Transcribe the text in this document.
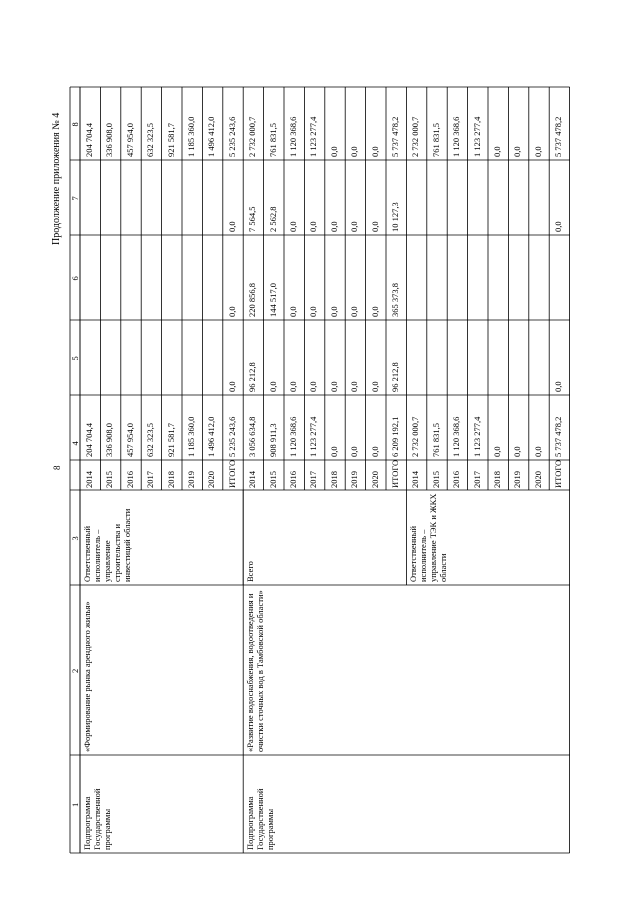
8
Продолжение приложения № 4
1
2
3
4
5
6
7
8
Подпрограмма Государственной программы
«Формирование рынка арендного жилья»
Ответственный исполнитель – управление строительства и инвестиций области
2014
204 704,4
204 704,4
2015
336 908,0
336 908,0
2016
457 954,0
457 954,0
2017
632 323,5
632 323,5
2018
921 581,7
921 581,7
2019
1 185 360,0
1 185 360,0
2020
1 496 412,0
1 496 412,0
ИТОГО
5 235 243,6
0,0
0,0
0,0
5 235 243,6
Подпрограмма Государственной программы
«Развитие водоснабжения, водоотведения и очистки сточных вод в Тамбовской области»
Всего
2014
3 056 634,8
96 212,8
220 856,8
7 564,5
2 732 000,7
2015
908 911,3
0,0
144 517,0
2 562,8
761 831,5
2016
1 120 368,6
0,0
0,0
0,0
1 120 368,6
2017
1 123 277,4
0,0
0,0
0,0
1 123 277,4
2018
0,0
0,0
0,0
0,0
0,0
2019
0,0
0,0
0,0
0,0
0,0
2020
0,0
0,0
0,0
0,0
0,0
ИТОГО
6 209 192,1
96 212,8
365 373,8
10 127,3
5 737 478,2
Ответственный исполнитель – управление ТЭК и ЖКХ области
2014
2 732 000,7
2 732 000,7
2015
761 831,5
761 831,5
2016
1 120 368,6
1 120 368,6
2017
1 123 277,4
1 123 277,4
2018
0,0
0,0
2019
0,0
0,0
2020
0,0
0,0
ИТОГО
5 737 478,2
0,0
0,0
5 737 478,2
